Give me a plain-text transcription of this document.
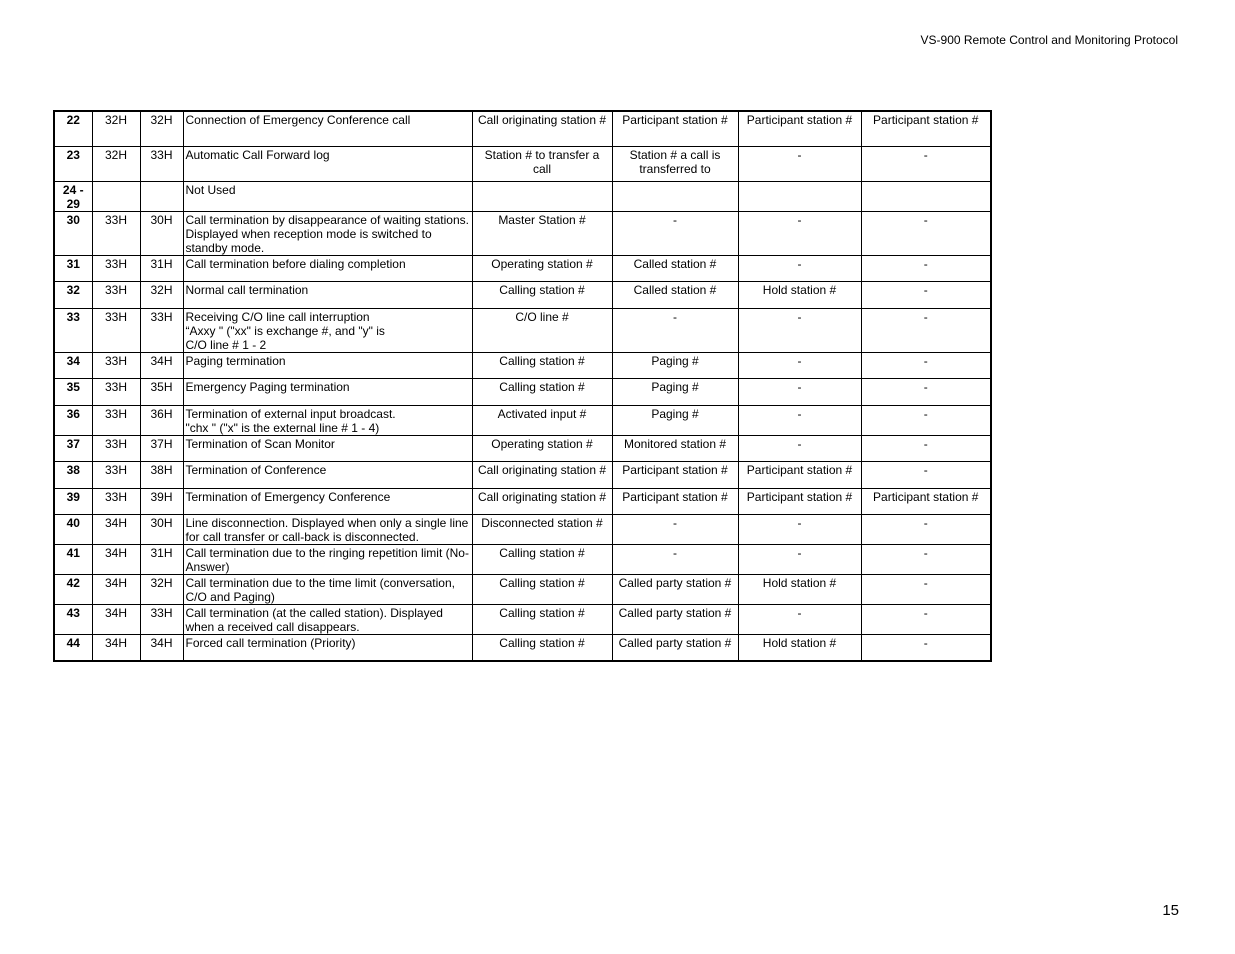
VS-900 Remote Control and Monitoring Protocol
22	32H	32H	Connection of Emergency Conference call	Call originating station #	Participant station #	Participant station #	Participant station #
23	32H	33H	Automatic Call Forward log	Station # to transfer a call	Station # a call is transferred to	-	-
24 - 29			Not Used				
30	33H	30H	Call termination by disappearance of waiting stations. Displayed when reception mode is switched to standby mode.	Master Station #	-	-	-
31	33H	31H	Call termination before dialing completion	Operating station #	Called station #	-	-
32	33H	32H	Normal call termination	Calling station #	Called station #	Hold station #	-
33	33H	33H	Receiving C/O line call interruption
“Axxy " ("xx" is exchange #, and "y" is
C/O line # 1 - 2	C/O line #	-	-	-
34	33H	34H	Paging termination	Calling station #	Paging #	-	-
35	33H	35H	Emergency Paging termination	Calling station #	Paging #	-	-
36	33H	36H	Termination of external input broadcast.
"chx " ("x" is the external line # 1 - 4)	Activated input #	Paging #	-	-
37	33H	37H	Termination of Scan Monitor	Operating station #	Monitored station #	-	-
38	33H	38H	Termination of Conference	Call originating station #	Participant station #	Participant station #	-
39	33H	39H	Termination of Emergency Conference	Call originating station #	Participant station #	Participant station #	Participant station #
40	34H	30H	Line disconnection. Displayed when only a single line for call transfer or call-back is disconnected.	Disconnected station #	-	-	-
41	34H	31H	Call termination due to the ringing repetition limit (No-Answer)	Calling station #	-	-	-
42	34H	32H	Call termination due to the time limit (conversation, C/O and Paging)	Calling station #	Called party station #	Hold station #	-
43	34H	33H	Call termination (at the called station). Displayed when a received call disappears.	Calling station #	Called party station #	-	-
44	34H	34H	Forced call termination (Priority)	Calling station #	Called party station #	Hold station #	-
15
